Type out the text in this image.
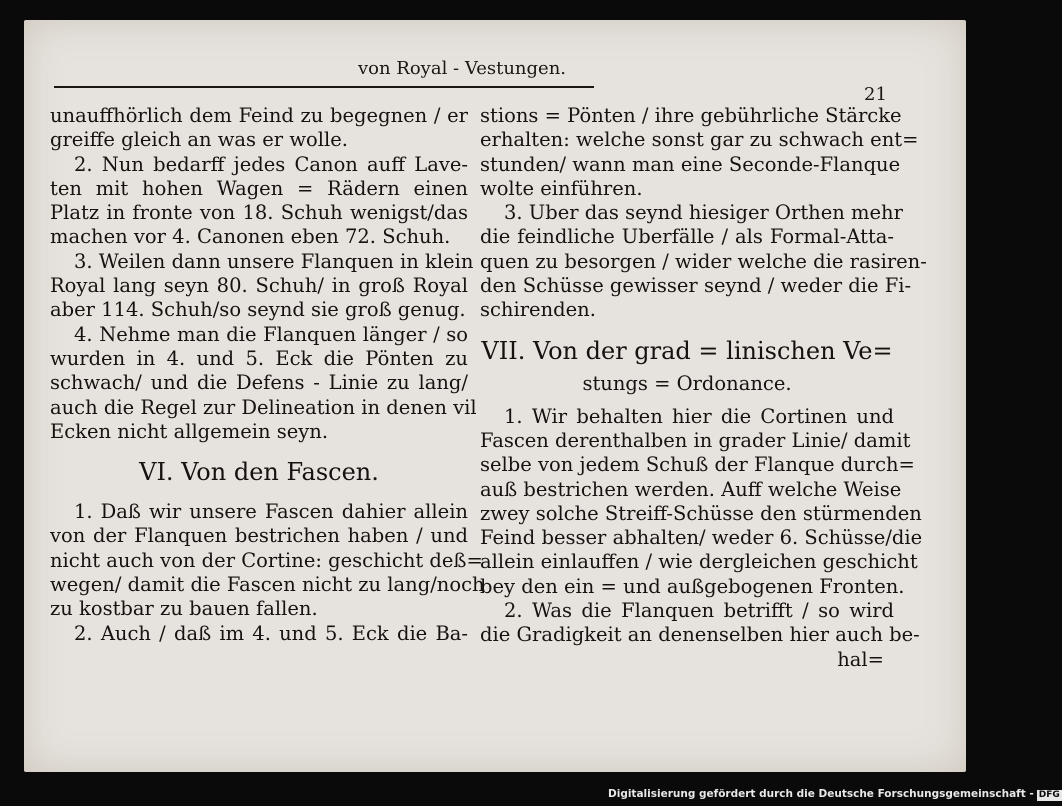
von Royal - Vestungen.
21
unauffhörlich dem Feind zu begegnen / er
greiffe gleich an was er wolle.
2. Nun bedarff jedes Canon auff Lave-
ten mit hohen Wagen = Rädern einen
Platz in fronte von 18. Schuh wenigst/das
machen vor 4. Canonen eben 72. Schuh.
3. Weilen dann unsere Flanquen in klein
Royal lang seyn 80. Schuh/ in groß Royal
aber 114. Schuh/so seynd sie groß genug.
4. Nehme man die Flanquen länger / so
wurden in 4. und 5. Eck die Pönten zu
schwach/ und die Defens - Linie zu lang/
auch die Regel zur Delineation in denen vil
Ecken nicht allgemein seyn.
VI. Von den Fascen.
1. Daß wir unsere Fascen dahier allein
von der Flanquen bestrichen haben / und
nicht auch von der Cortine: geschicht deß=
wegen/ damit die Fascen nicht zu lang/noch
zu kostbar zu bauen fallen.
2. Auch / daß im 4. und 5. Eck die Ba-
stions = Pönten / ihre gebührliche Stärcke
erhalten: welche sonst gar zu schwach ent=
stunden/ wann man eine Seconde-Flanque
wolte einführen.
3. Uber das seynd hiesiger Orthen mehr
die feindliche Uberfälle / als Formal-Atta-
quen zu besorgen / wider welche die rasiren-
den Schüsse gewisser seynd / weder die Fi-
schirenden.
VII. Von der grad = linischen Ve=
stungs = Ordonance.
1. Wir behalten hier die Cortinen und
Fascen derenthalben in grader Linie/ damit
selbe von jedem Schuß der Flanque durch=
auß bestrichen werden. Auff welche Weise
zwey solche Streiff-Schüsse den stürmenden
Feind besser abhalten/ weder 6. Schüsse/die
allein einlauffen / wie dergleichen geschicht
bey den ein = und außgebogenen Fronten.
2. Was die Flanquen betrifft / so wird
die Gradigkeit an denenselben hier auch be-
hal=
Digitalisierung gefördert durch die Deutsche Forschungsgemeinschaft - DFG
